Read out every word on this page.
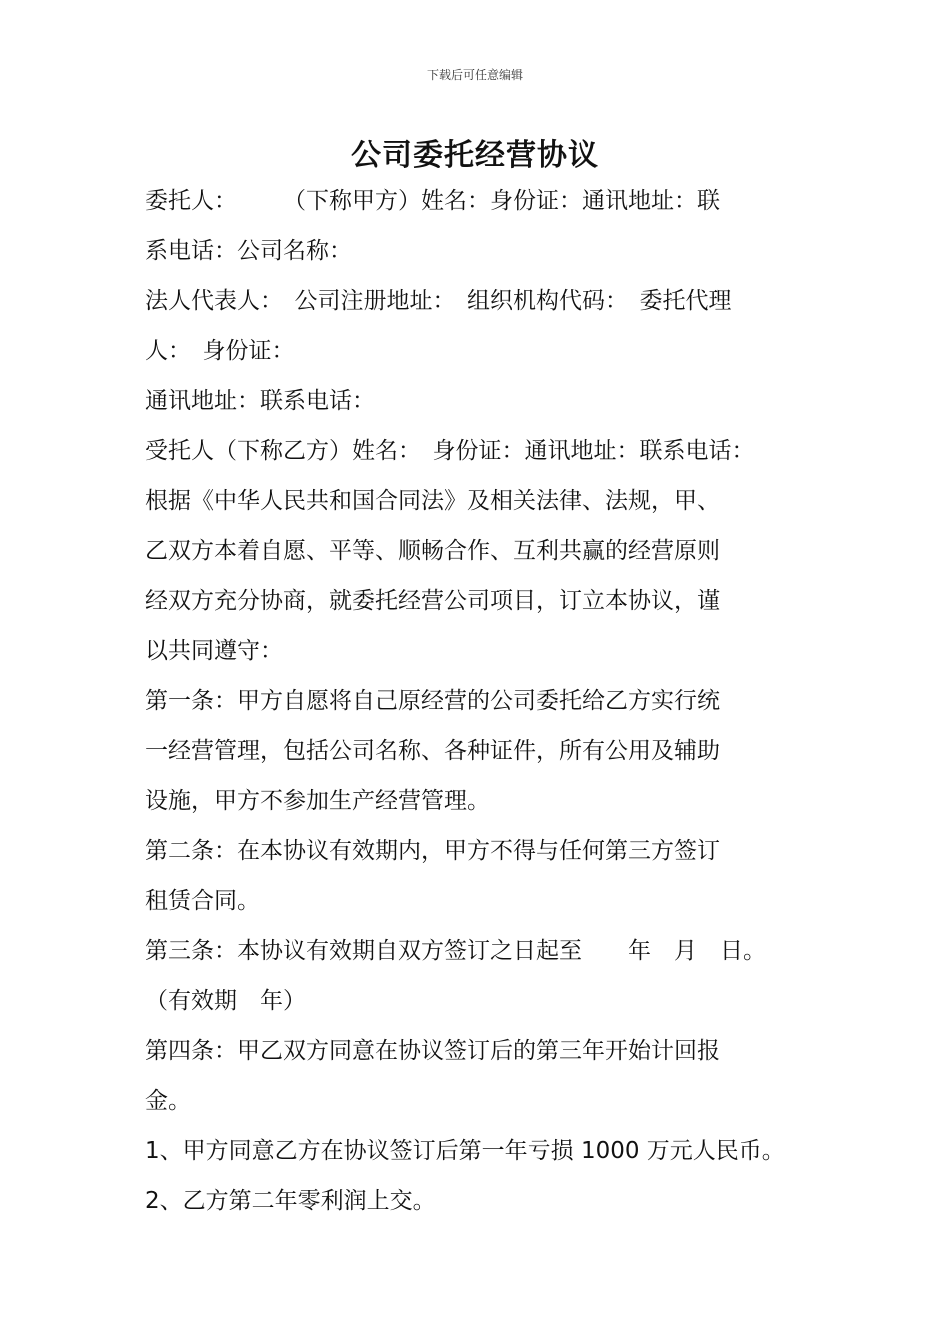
下载后可任意编辑
公司委托经营协议
委托人：　　　（下称甲方）姓名：身份证：通讯地址：联
系电话：公司名称：
法人代表人：　公司注册地址：　组织机构代码：　委托代理
人：　身份证：
通讯地址：联系电话：
受托人（下称乙方）姓名：　身份证：通讯地址：联系电话：
根据《中华人民共和国合同法》及相关法律、法规，甲、
乙双方本着自愿、平等、顺畅合作、互利共赢的经营原则
经双方充分协商，就委托经营公司项目，订立本协议，谨
以共同遵守：
第一条：甲方自愿将自己原经营的公司委托给乙方实行统
一经营管理，包括公司名称、各种证件，所有公用及辅助
设施，甲方不参加生产经营管理。
第二条：在本协议有效期内，甲方不得与任何第三方签订
租赁合同。
第三条：本协议有效期自双方签订之日起至　　年　月　日。
（有效期　年）
第四条：甲乙双方同意在协议签订后的第三年开始计回报
金。
1、甲方同意乙方在协议签订后第一年亏损 1000 万元人民币。
2、乙方第二年零利润上交。
